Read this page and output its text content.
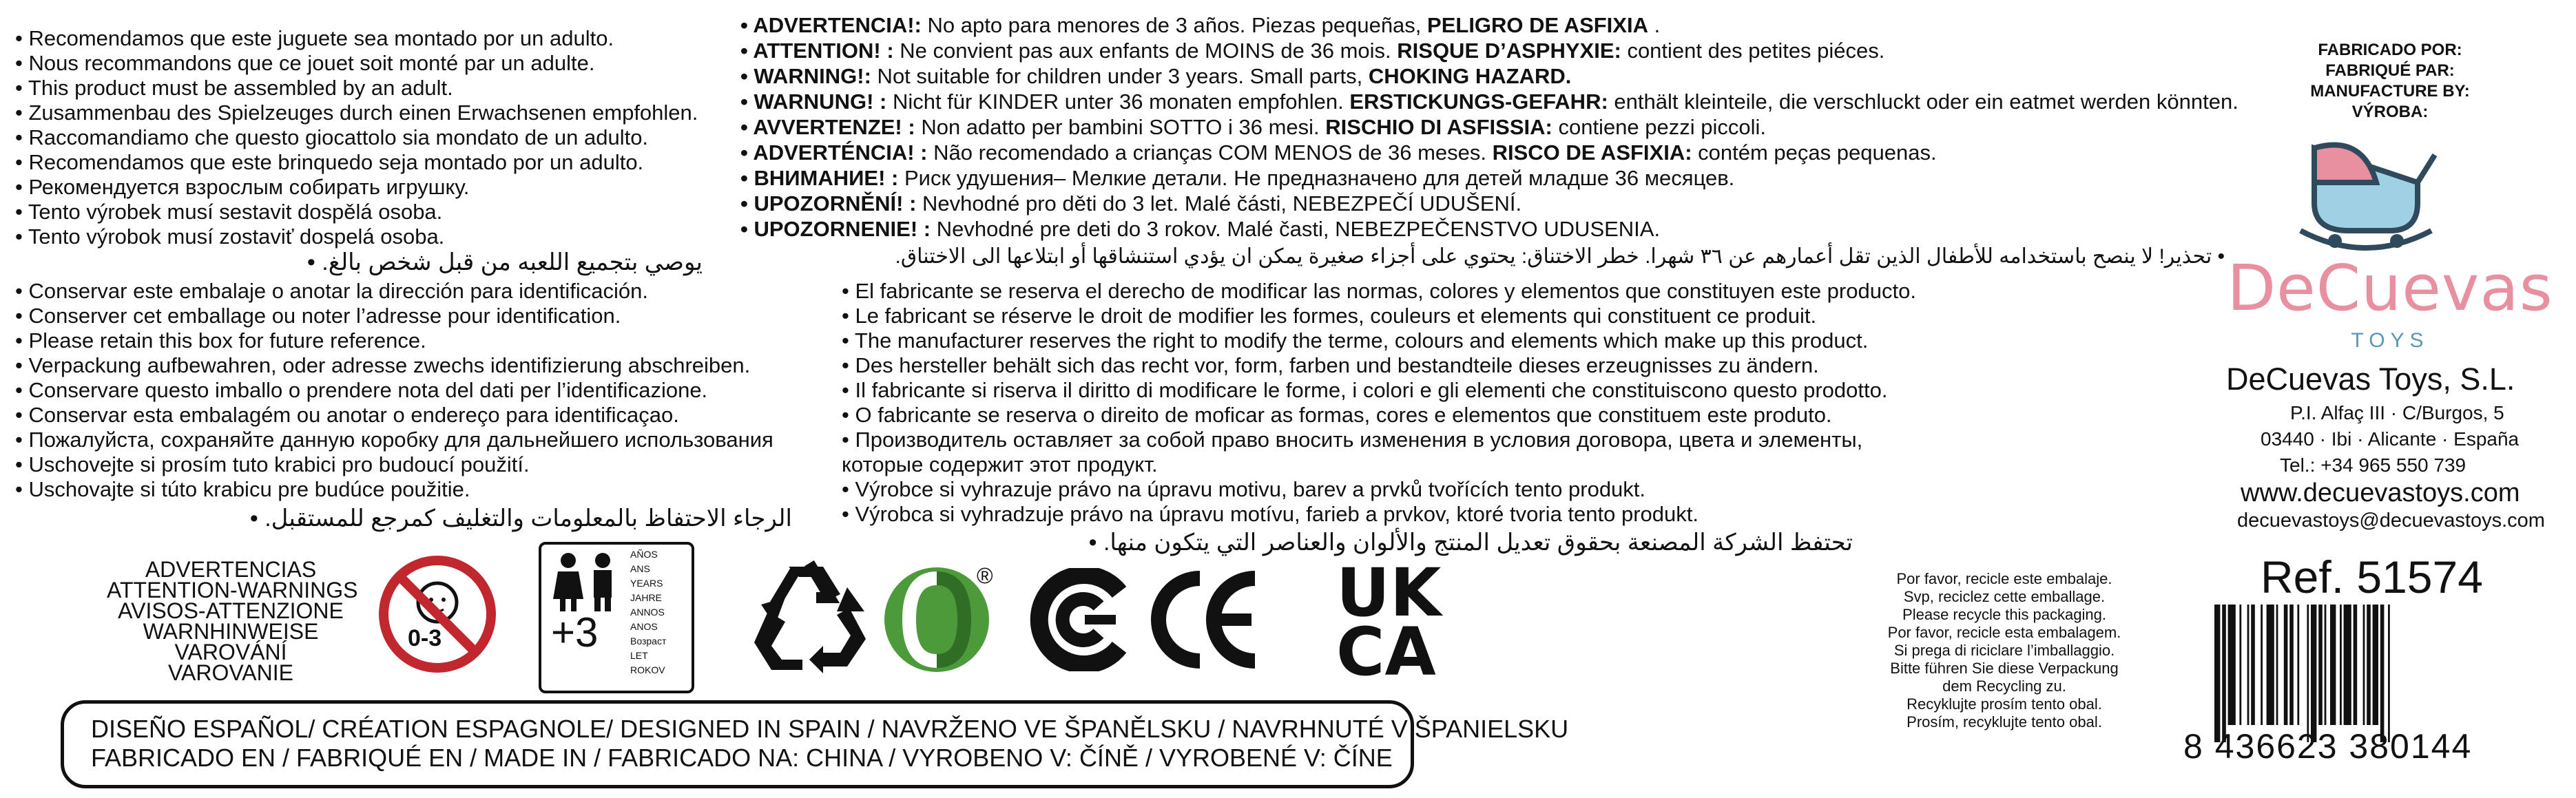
• Recomendamos que este juguete sea montado por un adulto.
• Nous recommandons que ce jouet soit monté par un adulte.
• This product must be assembled by an adult.
• Zusammenbau des Spielzeuges durch einen Erwachsenen empfohlen.
• Raccomandiamo che questo giocattolo sia mondato de un adulto.
• Recomendamos que este brinquedo seja montado por un adulto.
• Рекомендуется взрослым собирать игрушку.
• Tento výrobek musí sestavit dospělá osoba.
• Tento výrobok musí zostaviť dospelá osoba.
يوصي بتجميع اللعبه من قبل شخص بالغ. •
• Conservar este embalaje o anotar la dirección para identificación.
• Conserver cet emballage ou noter l’adresse pour identification.
• Please retain this box for future reference.
• Verpackung aufbewahren, oder adresse zwechs identifizierung abschreiben.
• Conservare questo imballo o prendere nota del dati per l’identificazione.
• Conservar esta embalagém ou anotar o endereço para identificaçao.
• Пожалуйста, сохраняйте данную коробку для дальнейшего использования
• Uschovejte si prosím tuto krabici pro budoucí použití.
• Uschovajte si túto krabicu pre budúce použitie.
الرجاء الاحتفاظ بالمعلومات والتغليف كمرجع للمستقبل. •
• ADVERTENCIA!: No apto para menores de 3 años. Piezas pequeñas, PELIGRO DE ASFIXIA .
• ATTENTION! : Ne convient pas aux enfants de MOINS de 36 mois. RISQUE D’ASPHYXIE: contient des petites piéces.
• WARNING!: Not suitable for children under 3 years. Small parts, CHOKING HAZARD.
• WARNUNG! : Nicht für KINDER unter 36 monaten empfohlen. ERSTICKUNGS-GEFAHR: enthält kleinteile, die verschluckt oder ein eatmet werden könnten.
• AVVERTENZE! : Non adatto per bambini SOTTO i 36 mesi. RISCHIO DI ASFISSIA: contiene pezzi piccoli.
• ADVERTÉNCIA! : Não recomendado a crianças COM MENOS de 36 meses. RISCO DE ASFIXIA: contém peças pequenas.
• ВНИМАНИЕ! : Риск удушения– Мелкие детали. Не предназначено для детей младше 36 месяцев.
• UPOZORNĚNÍ! : Nevhodné pro děti do 3 let. Malé části, NEBEZPEČÍ UDUŠENÍ.
• UPOZORNENIE! : Nevhodné pre deti do 3 rokov. Malé časti, NEBEZPEČENSTVO UDUSENIA.
• تحذير! لا ينصح باستخدامه للأطفال الذين تقل أعمارهم عن ٣٦ شهرا. خطر الاختناق: يحتوي على أجزاء صغيرة يمكن ان يؤدي استنشاقها أو ابتلاعها الى الاختناق.
• El fabricante se reserva el derecho de modificar las normas, colores y elementos que constituyen este producto.
• Le fabricant se réserve le droit de modifier les formes, couleurs et elements qui constituent ce produit.
• The manufacturer reserves the right to modify the terme, colours and elements which make up this product.
• Des hersteller behält sich das recht vor, form, farben und bestandteile dieses erzeugnisses zu ändern.
• Il fabricante si riserva il diritto di modificare le forme, i colori e gli elementi che constituiscono questo prodotto.
• O fabricante se reserva o direito de moficar as formas, cores e elementos que constituem este produto.
• Производитель оставляет за собой право вносить изменения в условия договора, цвета и элементы,
которые содержит этот продукт.
• Výrobce si vyhrazuje právo na úpravu motivu, barev a prvků tvořících tento produkt.
• Výrobca si vyhradzuje právo na úpravu motívu, farieb a prvkov, ktoré tvoria tento produkt.
تحتفظ الشركة المصنعة بحقوق تعديل المنتج والألوان والعناصر التي يتكون منها. •
FABRICADO POR:
FABRIQUÉ PAR:
MANUFACTURE BY:
VÝROBA:
DeCuevas
TOYS
DeCuevas Toys, S.L.
P.I. Alfaç III · C/Burgos, 5
03440 · Ibi · Alicante · España
Tel.: +34 965 550 739
www.decuevastoys.com
decuevastoys@decuevastoys.com
ADVERTENCIAS
ATTENTION-WARNINGS
AVISOS-ATTENZIONE
WARNHINWEISE
VAROVÁNÍ
VAROVANIE
0-3	+3
AÑOS
ANS
YEARS
JAHRE
ANNOS
ANOS
Bозраст
LET
ROKOV
®	UK
CA
DISEÑO ESPAÑOL/ CRÉATION ESPAGNOLE/ DESIGNED IN SPAIN / NAVRŽENO VE ŠPANĚLSKU / NAVRHNUTÉ V ŠPANIELSKU
FABRICADO EN / FABRIQUÉ EN / MADE IN / FABRICADO NA: CHINA / VYROBENO V: ČÍNĚ / VYROBENÉ V: ČÍNE
Por favor, recicle este embalaje.
Svp, reciclez cette emballage.
Please recycle this packaging.
Por favor, recicle esta embalagem.
Si prega di riciclare l’imballaggio.
Bitte führen Sie diese Verpackung
dem Recycling zu.
Recyklujte prosím tento obal.
Prosím, recyklujte tento obal.
Ref. 51574
8 436623 380144
